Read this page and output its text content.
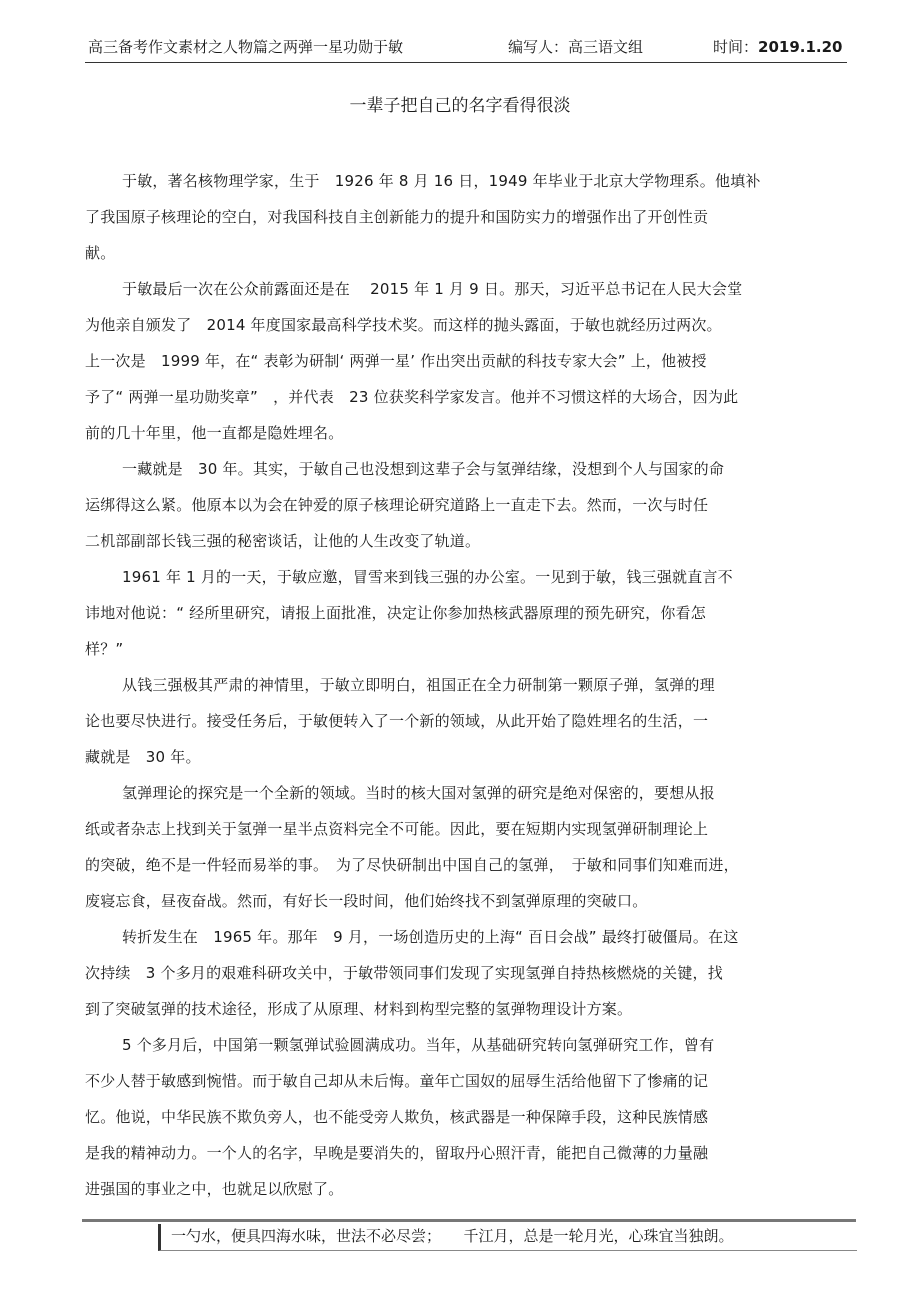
高三备考作文素材之人物篇之两弹一星功勋于敏	编写人：高三语文组	时间：2019.1.20
一辈子把自己的名字看得很淡
于敏，著名核物理学家，生于　1926 年 8 月 16 日，1949 年毕业于北京大学物理系。他填补
了我国原子核理论的空白，对我国科技自主创新能力的提升和国防实力的增强作出了开创性贡
献。
于敏最后一次在公众前露面还是在　 2015 年 1 月 9 日。那天，习近平总书记在人民大会堂
为他亲自颁发了　2014 年度国家最高科学技术奖。而这样的抛头露面，于敏也就经历过两次。
上一次是　1999 年，在“ 表彰为研制‘ 两弹一星’ 作出突出贡献的科技专家大会” 上，他被授
予了“ 两弹一星功勋奖章”　，并代表　23 位获奖科学家发言。他并不习惯这样的大场合，因为此
前的几十年里，他一直都是隐姓埋名。
一藏就是　30 年。其实，于敏自己也没想到这辈子会与氢弹结缘，没想到个人与国家的命
运绑得这么紧。他原本以为会在钟爱的原子核理论研究道路上一直走下去。然而，一次与时任
二机部副部长钱三强的秘密谈话，让他的人生改变了轨道。
1961 年 1 月的一天，于敏应邀，冒雪来到钱三强的办公室。一见到于敏，钱三强就直言不
讳地对他说：“ 经所里研究，请报上面批准，决定让你参加热核武器原理的预先研究，你看怎
样？”
从钱三强极其严肃的神情里，于敏立即明白，祖国正在全力研制第一颗原子弹，氢弹的理
论也要尽快进行。接受任务后，于敏便转入了一个新的领域，从此开始了隐姓埋名的生活，一
藏就是　30 年。
氢弹理论的探究是一个全新的领域。当时的核大国对氢弹的研究是绝对保密的，要想从报
纸或者杂志上找到关于氢弹一星半点资料完全不可能。因此，要在短期内实现氢弹研制理论上
的突破，绝不是一件轻而易举的事。　为了尽快研制出中国自己的氢弹，　于敏和同事们知难而进，
废寝忘食，昼夜奋战。然而，有好长一段时间，他们始终找不到氢弹原理的突破口。
转折发生在　1965 年。那年　9 月，一场创造历史的上海“ 百日会战” 最终打破僵局。在这
次持续　3 个多月的艰难科研攻关中，于敏带领同事们发现了实现氢弹自持热核燃烧的关键，找
到了突破氢弹的技术途径，形成了从原理、材料到构型完整的氢弹物理设计方案。
5 个多月后，中国第一颗氢弹试验圆满成功。当年，从基础研究转向氢弹研究工作，曾有
不少人替于敏感到惋惜。而于敏自己却从未后悔。童年亡国奴的屈辱生活给他留下了惨痛的记
忆。他说，中华民族不欺负旁人，也不能受旁人欺负，核武器是一种保障手段，这种民族情感
是我的精神动力。一个人的名字，早晚是要消失的，留取丹心照汗青，能把自己微薄的力量融
进强国的事业之中，也就足以欣慰了。
一勺水，便具四海水味，世法不必尽尝；　　千江月，总是一轮月光，心珠宜当独朗。
